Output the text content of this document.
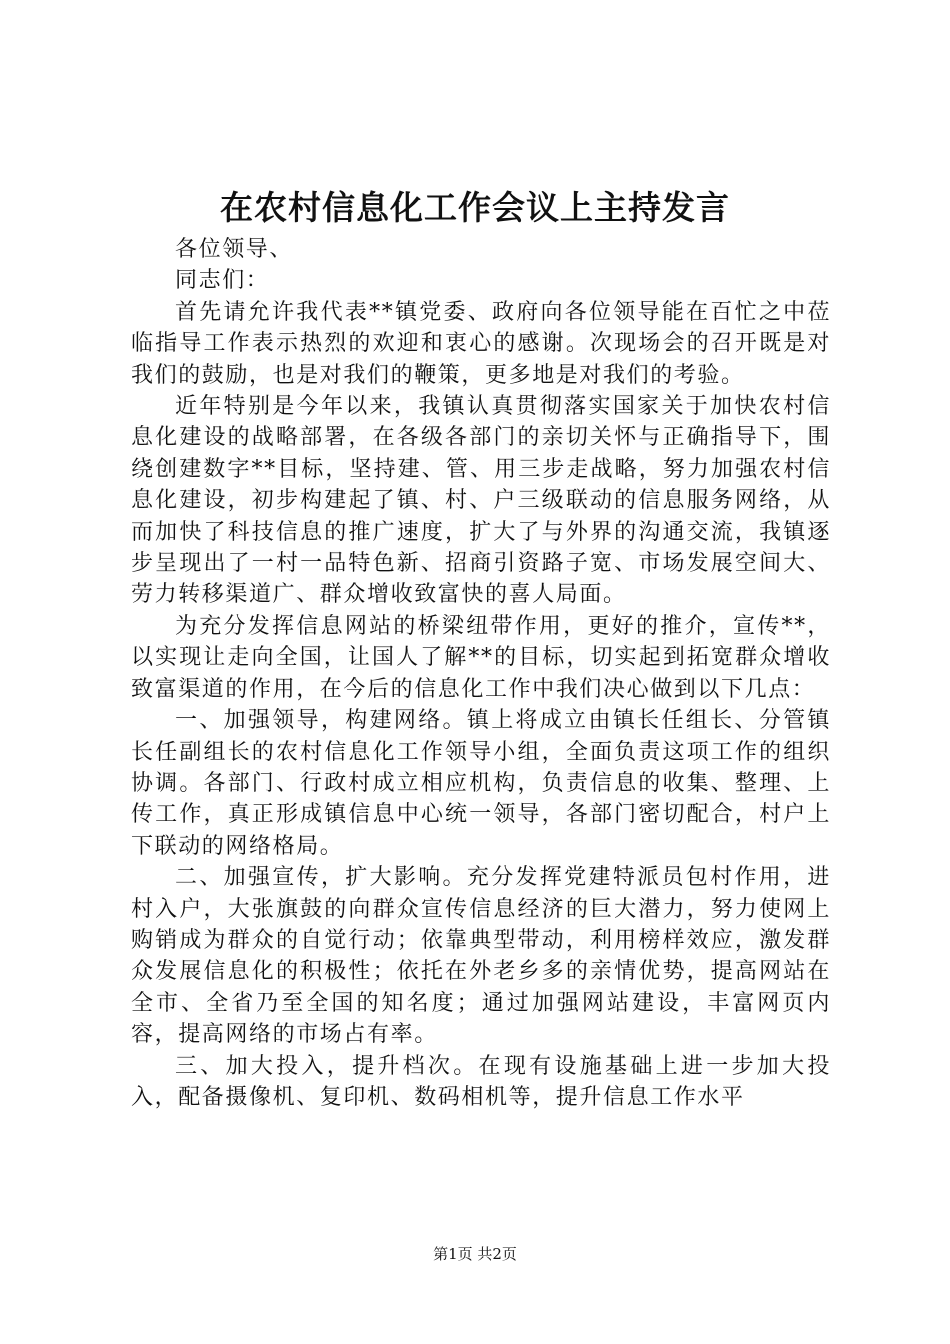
在农村信息化工作会议上主持发言

各位领导、

同志们：

首先请允许我代表**镇党委、政府向各位领导能在百忙之中莅临指导工作表示热烈的欢迎和衷心的感谢。次现场会的召开既是对我们的鼓励，也是对我们的鞭策，更多地是对我们的考验。

近年特别是今年以来，我镇认真贯彻落实国家关于加快农村信息化建设的战略部署，在各级各部门的亲切关怀与正确指导下，围绕创建数字**目标，坚持建、管、用三步走战略，努力加强农村信息化建设，初步构建起了镇、村、户三级联动的信息服务网络，从而加快了科技信息的推广速度，扩大了与外界的沟通交流，我镇逐步呈现出了一村一品特色新、招商引资路子宽、市场发展空间大、劳力转移渠道广、群众增收致富快的喜人局面。

为充分发挥信息网站的桥梁纽带作用，更好的推介，宣传**，以实现让走向全国，让国人了解**的目标，切实起到拓宽群众增收致富渠道的作用，在今后的信息化工作中我们决心做到以下几点：

一、加强领导，构建网络。镇上将成立由镇长任组长、分管镇长任副组长的农村信息化工作领导小组，全面负责这项工作的组织协调。各部门、行政村成立相应机构，负责信息的收集、整理、上传工作，真正形成镇信息中心统一领导，各部门密切配合，村户上下联动的网络格局。

二、加强宣传，扩大影响。充分发挥党建特派员包村作用，进村入户，大张旗鼓的向群众宣传信息经济的巨大潜力，努力使网上购销成为群众的自觉行动；依靠典型带动，利用榜样效应，激发群众发展信息化的积极性；依托在外老乡多的亲情优势，提高网站在全市、全省乃至全国的知名度；通过加强网站建设，丰富网页内容，提高网络的市场占有率。

三、加大投入，提升档次。在现有设施基础上进一步加大投入，配备摄像机、复印机、数码相机等，提升信息工作水平

第1页 共2页
